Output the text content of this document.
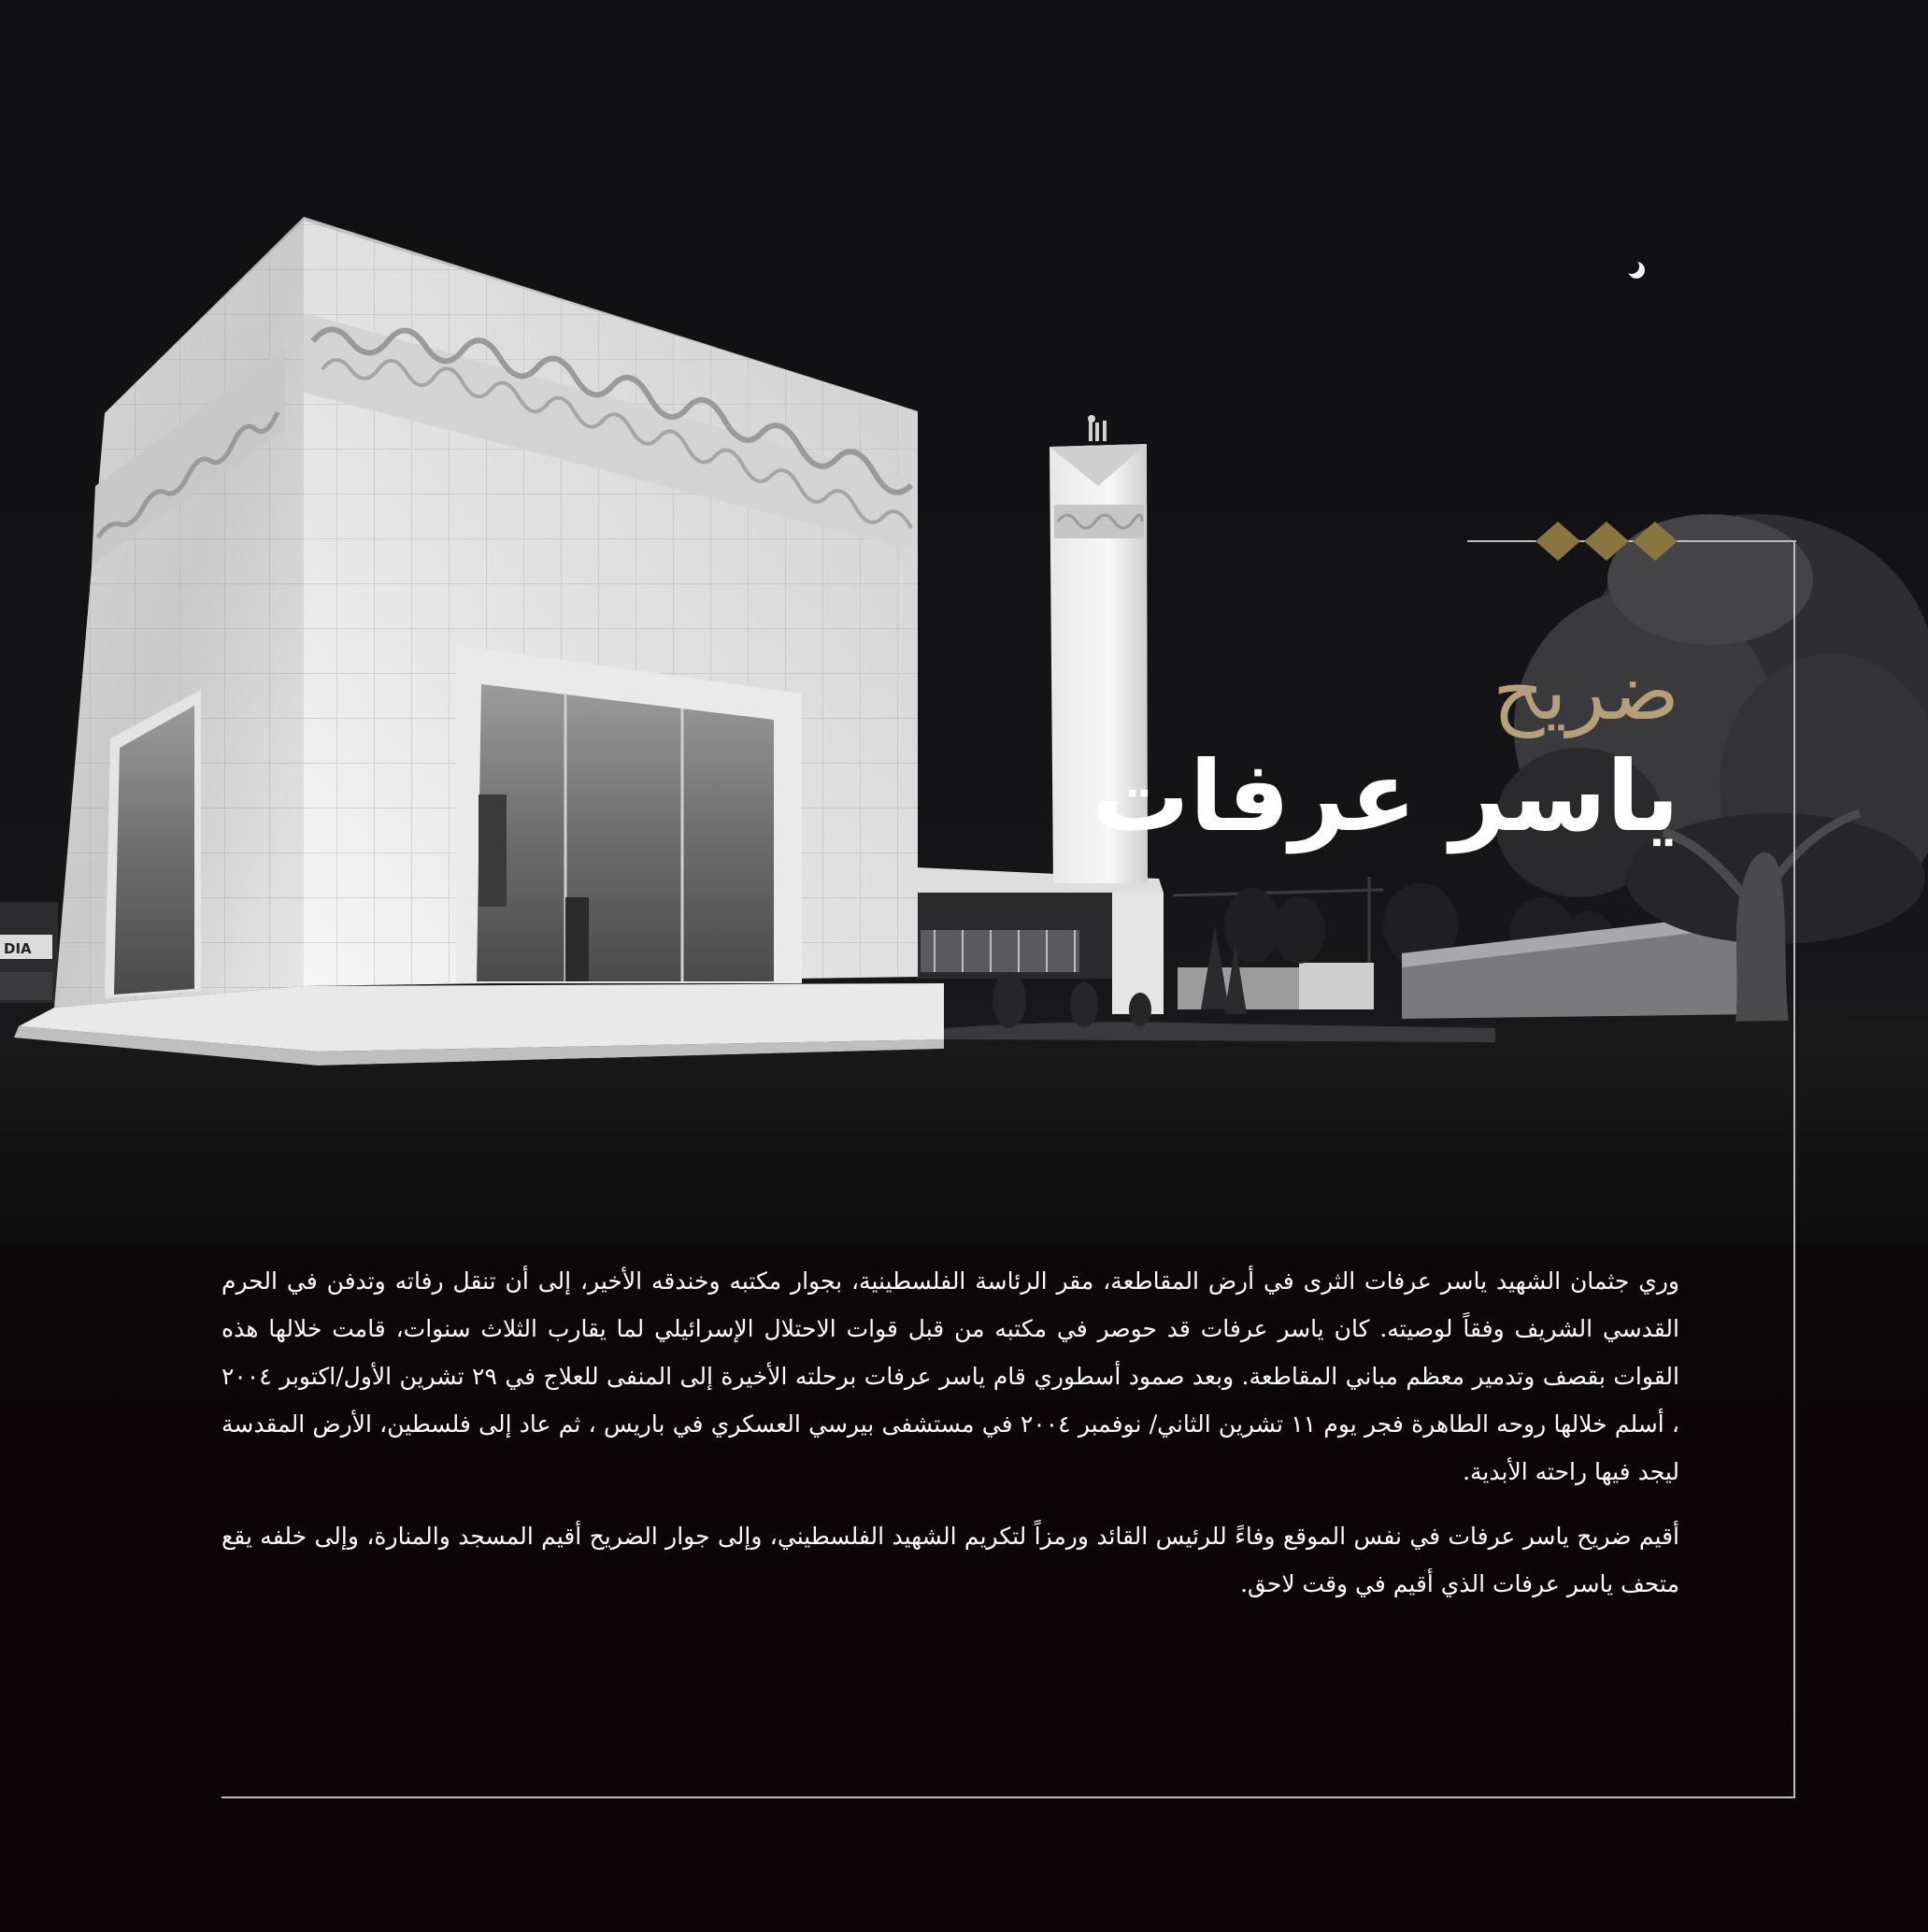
DIA
ضريح
ياسر عرفات

وري جثمان الشهيد ياسر عرفات الثرى في أرض المقاطعة، مقر الرئاسة الفلسطينية، بجوار مكتبه وخندقه الأخير، إلى أن تنقل رفاته وتدفن في الحرم القدسي الشريف وفقاً لوصيته. كان ياسر عرفات قد حوصر في مكتبه من قبل قوات الاحتلال الإسرائيلي لما يقارب الثلاث سنوات، قامت خلالها هذه القوات بقصف وتدمير معظم مباني المقاطعة. وبعد صمود أسطوري قام ياسر عرفات برحلته الأخيرة إلى المنفى للعلاج في ٢٩ تشرين الأول/اكتوبر ٢٠٠٤ ، أسلم خلالها روحه الطاهرة فجر يوم ١١ تشرين الثاني/ نوفمبر ٢٠٠٤ في مستشفى بيرسي العسكري في باريس ، ثم عاد إلى فلسطين، الأرض المقدسة ليجد فيها راحته الأبدية.

أقيم ضريح ياسر عرفات في نفس الموقع وفاءً للرئيس القائد ورمزاً لتكريم الشهيد الفلسطيني، وإلى جوار الضريح أقيم المسجد والمنارة، وإلى خلفه يقع متحف ياسر عرفات الذي أقيم في وقت لاحق.
